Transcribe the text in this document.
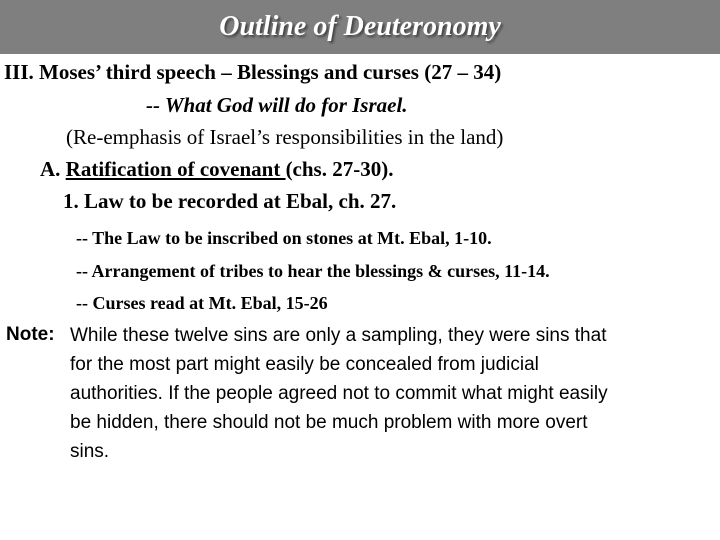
Outline of Deuteronomy
III. Moses’ third speech – Blessings and curses (27 – 34)
-- What God will do for Israel.
(Re-emphasis of Israel’s responsibilities in the land)
A. Ratification of covenant (chs. 27-30).
1. Law to be recorded at Ebal, ch. 27.
-- The Law to be inscribed on stones at Mt. Ebal, 1-10.
-- Arrangement of tribes to hear the blessings & curses, 11-14.
-- Curses read at Mt. Ebal, 15-26
Note: While these twelve sins are only a sampling, they were sins that
for the most part might easily be concealed from judicial
authorities. If the people agreed not to commit what might easily
be hidden, there should not be much problem with more overt
sins.
